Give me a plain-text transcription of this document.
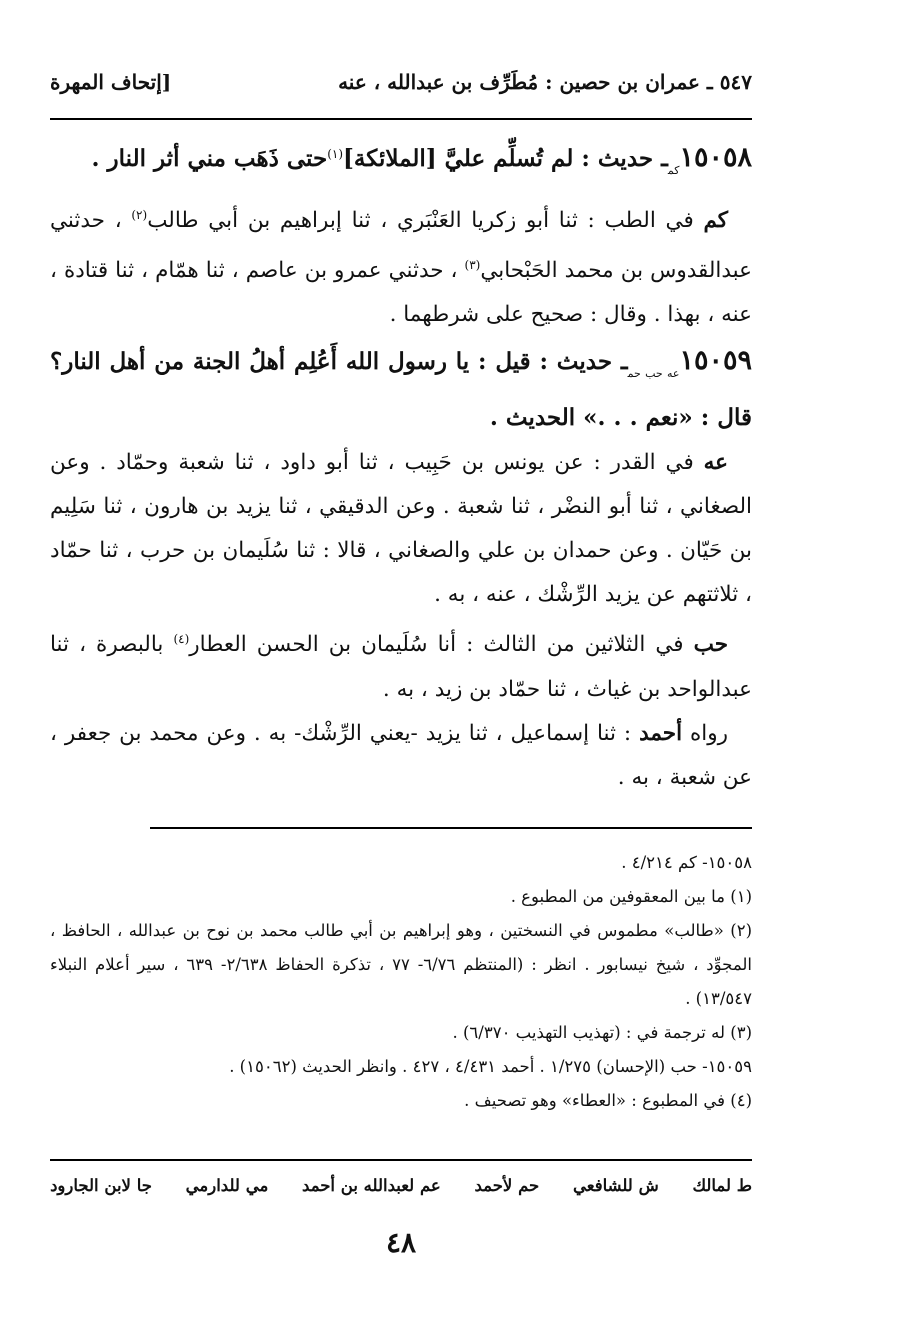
٥٤٧ ـ عمران بن حصين : مُطَرِّف بن عبدالله ، عنه
[إتحاف المهرة

$١٥٠٥٨_{كم}ـ$ حديث : لم تُسلِّم عليَّ [الملائكة]$^{(١)}$حتى ذَهَب مني أثر النار .

كم في الطب : ثنا أبو زكريا العَنْبَري ، ثنا إبراهيم بن أبي طالب$^{(٢)}$ ، حدثني عبدالقدوس بن محمد الحَبْحابي$^{(٣)}$ ، حدثني عمرو بن عاصم ، ثنا همّام ، ثنا قتادة ، عنه ، بهذا . وقال : صحيح على شرطهما .

$١٥٠٥٩_{عه حب حم}ـ$ حديث : قيل : يا رسول الله أَعُلِم أهلُ الجنة من أهل النار؟ قال : «نعم . . .» الحديث .

عه في القدر : عن يونس بن حَبِيب ، ثنا أبو داود ، ثنا شعبة وحمّاد . وعن الصغاني ، ثنا أبو النضْر ، ثنا شعبة . وعن الدقيقي ، ثنا يزيد بن هارون ، ثنا سَلِيم بن حَيّان . وعن حمدان بن علي والصغاني ، قالا : ثنا سُلَيمان بن حرب ، ثنا حمّاد ، ثلاثتهم عن يزيد الرِّشْك ، عنه ، به .

حب في الثلاثين من الثالث : أنا سُلَيمان بن الحسن العطار$^{(٤)}$ بالبصرة ، ثنا عبدالواحد بن غياث ، ثنا حمّاد بن زيد ، به .

رواه أحمد : ثنا إسماعيل ، ثنا يزيد -يعني الرِّشْك- به . وعن محمد بن جعفر ، عن شعبة ، به .

١٥٠٥٨- كم ٤/٢١٤ .

(١) ما بين المعقوفين من المطبوع .

(٢) «طالب» مطموس في النسختين ، وهو إبراهيم بن أبي طالب محمد بن نوح بن عبدالله ، الحافظ ، المجوِّد ، شيخ نيسابور . انظر : (المنتظم ٦/٧٦- ٧٧ ، تذكرة الحفاظ ٢/٦٣٨- ٦٣٩ ، سير أعلام النبلاء ١٣/٥٤٧) .

(٣) له ترجمة في : (تهذيب التهذيب ٦/٣٧٠) .

١٥٠٥٩- حب (الإحسان) ١/٢٧٥ . أحمد ٤/٤٣١ ، ٤٢٧ . وانظر الحديث (١٥٠٦٢) .

(٤) في المطبوع : «العطاء» وهو تصحيف .

ط لمالك
ش للشافعي
حم لأحمد
عم لعبدالله بن أحمد
مي للدارمي
جا لابن الجارود
٤٨
